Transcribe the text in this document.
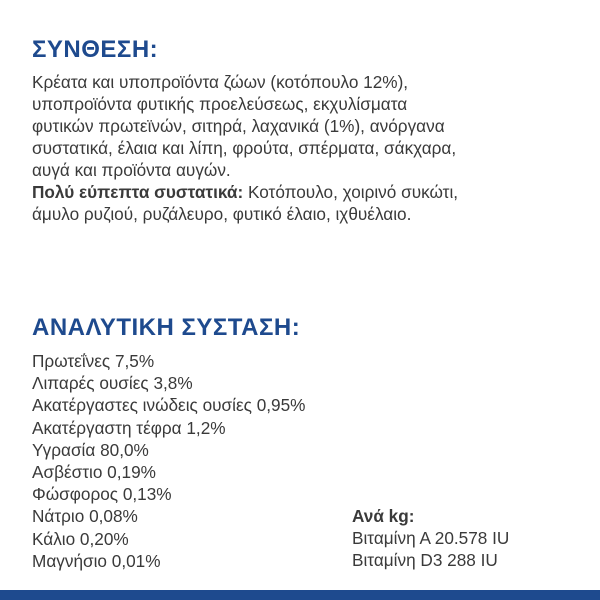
ΣΥΝΘΕΣΗ:
Κρέατα και υποπροϊόντα ζώων (κοτόπουλο 12%),
υποπροϊόντα φυτικής προελεύσεως, εκχυλίσματα
φυτικών πρωτεϊνών, σιτηρά, λαχανικά (1%), ανόργανα
συστατικά, έλαια και λίπη, φρούτα, σπέρματα, σάκχαρα,
αυγά και προϊόντα αυγών.
Πολύ εύπεπτα συστατικά: Κοτόπουλο, χοιρινό συκώτι,
άμυλο ρυζιού, ρυζάλευρο, φυτικό έλαιο, ιχθυέλαιο.
ΑΝΑΛΥΤΙΚΗ ΣΥΣΤΑΣΗ:
Πρωτεΐνες 7,5%
Λιπαρές ουσίες 3,8%
Ακατέργαστες ινώδεις ουσίες 0,95%
Ακατέργαστη τέφρα 1,2%
Υγρασία 80,0%
Ασβέστιο 0,19%
Φώσφορος 0,13%
Νάτριο 0,08%
Κάλιο 0,20%
Μαγνήσιο 0,01%
Ανά kg:
Βιταμίνη Α 20.578 IU
Βιταμίνη D3 288 IU
